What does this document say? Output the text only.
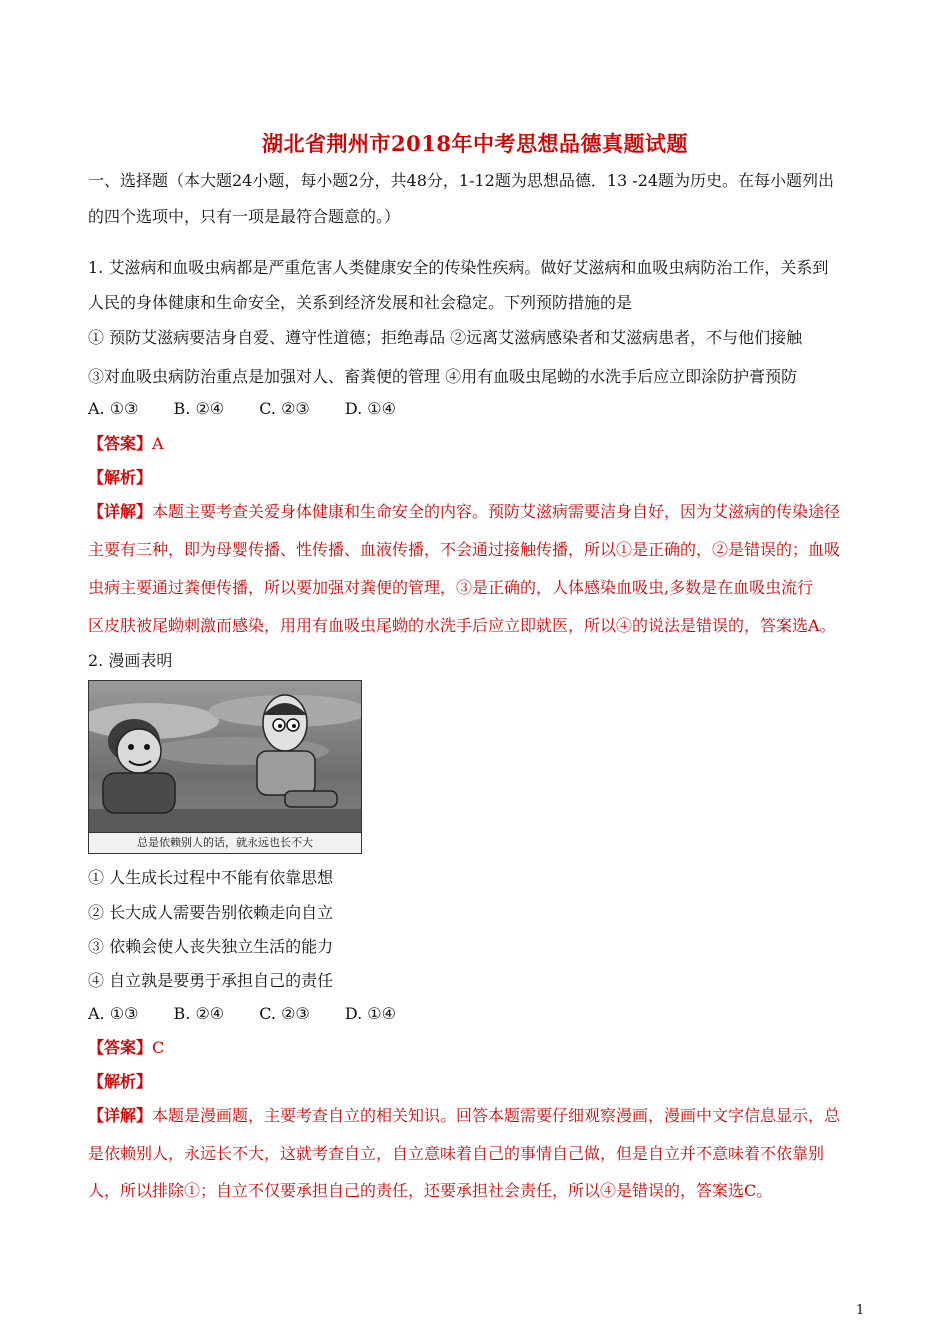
湖北省荆州市2018年中考思想品德真题试题
一、选择题（本大题24小题，每小题2分，共48分，1-12题为思想品德．13 -24题为历史。在每小题列出
的四个选项中，只有一项是最符合题意的。）
1. 艾滋病和血吸虫病都是严重危害人类健康安全的传染性疾病。做好艾滋病和血吸虫病防治工作，关系到
人民的身体健康和生命安全，关系到经济发展和社会稳定。下列预防措施的是
① 预防艾滋病要洁身自爱、遵守性道德；拒绝毒品 ②远离艾滋病感染者和艾滋病患者，不与他们接触
③对血吸虫病防治重点是加强对人、畜粪便的管理 ④用有血吸虫尾蚴的水洗手后应立即涂防护膏预防
A. ①③ B. ②④ C. ②③ D. ①④
【答案】A
【解析】
【详解】本题主要考查关爱身体健康和生命安全的内容。预防艾滋病需要洁身自好，因为艾滋病的传染途径
主要有三种，即为母婴传播、性传播、血液传播，不会通过接触传播，所以①是正确的，②是错误的；血吸
虫病主要通过粪便传播，所以要加强对粪便的管理，③是正确的，人体感染血吸虫,多数是在血吸虫流行
区皮肤被尾蚴刺激而感染，用用有血吸虫尾蚴的水洗手后应立即就医，所以④的说法是错误的，答案选A。
2. 漫画表明
总是依赖别人的话，就永远也长不大
① 人生成长过程中不能有依靠思想
② 长大成人需要告别依赖走向自立
③ 依赖会使人丧失独立生活的能力
④ 自立孰是要勇于承担自己的责任
A. ①③ B. ②④ C. ②③ D. ①④
【答案】C
【解析】
【详解】本题是漫画题，主要考查自立的相关知识。回答本题需要仔细观察漫画，漫画中文字信息显示，总
是依赖别人，永远长不大，这就考查自立，自立意味着自己的事情自己做，但是自立并不意味着不依靠别
人，所以排除①；自立不仅要承担自己的责任，还要承担社会责任，所以④是错误的，答案选C。
1
